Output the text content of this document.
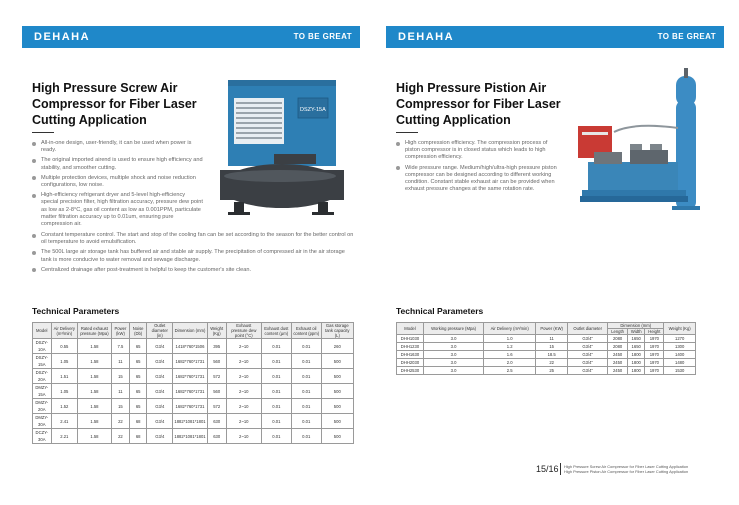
DEHAHA	TO BE GREAT
High Pressure Screw Air Compressor for Fiber Laser Cutting Application
DSZY-15A
All-in-one design, user-friendly, it can be used when power is ready.
The original imported airend is used to ensure high efficiency and stability, and smoother cutting.
Multiple protection devices, multiple shock and noise reduction configurations, low noise.
High-efficiency refrigerant dryer and 5-level high-efficiency special precision filter, high filtration accuracy, pressure dew point as low as 2-8°C, gas oil content as low as 0.001PPM, particulate matter filtration accuracy up to 0.01um, ensuring pure compression air.
Constant temperature control. The start and stop of the cooling fan can be set according to the season for the better control on oil temperature to avoid emulsification.
The 500L large air storage tank has buffered air and stable air supply. The precipitation of compressed air in the air storage tank is more conducive to water removal and sewage discharge.
Centralized drainage after post-treatment is helpful to keep the customer's site clean.
Technical Parameters
Model	Air Delivery (m³/min)	Rated exhaust pressure (Mpa)	Power (kW)	Noise (Db)	Outlet diameter (in)	Dimension (mm)	Weight (Kg)	Exhaust pressure dew point (°C)	Exhaust dust content (μm)	Exhaust oil content (ppm)	Gas storage tank capacity (L)
DSZY-10A	0.55	1.58	7.5	65	G3/4	1418*760*1506	395	2~10	0.01	0.01	260
DSZY-15A	1.05	1.58	11	65	G3/4	1682*760*1731	560	2~10	0.01	0.01	500
DSZY-20A	1.51	1.58	15	65	G3/4	1682*760*1731	572	2~10	0.01	0.01	500
DMZY-15A	1.05	1.58	11	65	G3/4	1682*760*1731	560	2~10	0.01	0.01	500
DMZY-20A	1.52	1.58	15	65	G3/4	1682*760*1731	572	2~10	0.01	0.01	500
DMZY-30A	2.41	1.58	22	68	G3/4	1882*1081*1801	630	2~10	0.01	0.01	500
DCZY-30A	2.21	1.58	22	68	G3/4	1882*1081*1801	630	2~10	0.01	0.01	500
DEHAHA	TO BE GREAT
High Pressure Pistion Air Compressor for Fiber Laser Cutting Application
High compression efficiency. The compression process of piston compressor is in closed status which leads to high compression efficiency.
Wide pressure range. Medium/high/ultra-high pressure piston compressor can be designed according to different working condition. Constant stable exhaust air can be provided when exhaust pressure changes at the same rotation rate.
Technical Parameters
Model	Working pressure (Mpa)	Air Delivery (m³/min)	Power (KW)	Outlet diameter	Dimension (mm)			Weight (Kg)
					Length	Width	Height	
DHH1030	3.0	1.0	11	G3/4"	2080	1650	1970	1270
DHH1230	3.0	1.2	15	G3/4"	2080	1650	1970	1300
DHH1630	3.0	1.6	18.5	G3/4"	2450	1800	1970	1400
DHH2030	3.0	2.0	22	G3/4"	2450	1800	1970	1480
DHH2530	3.0	2.5	25	G3/4"	2450	1800	1970	1530
15/16 High Pressure Screw Air Compressor for Fiber Laser Cutting Application
High Pressure Piston Air Compressor for Fiber Laser Cutting Application
